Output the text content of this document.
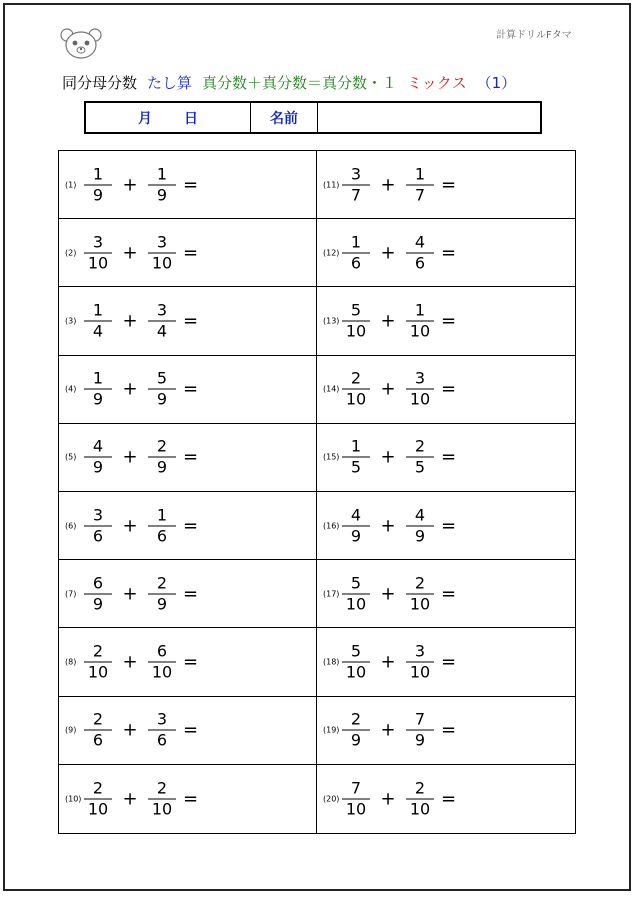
計算ドリルFタマ
同分母分数 たし算 真分数＋真分数＝真分数・１ ミックス （1）
月 日	名前
$(1) \frac{1}{9} + \frac{1}{9}$ =	$(11) \frac{3}{7} + \frac{1}{7}$ =
$(2) \frac{3}{10} + \frac{3}{10}$ =	$(12) \frac{1}{6} + \frac{4}{6}$ =
$(3) \frac{1}{4} + \frac{3}{4}$ =	$(13) \frac{5}{10} + \frac{1}{10}$ =
$(4) \frac{1}{9} + \frac{5}{9}$ =	$(14) \frac{2}{10} + \frac{3}{10}$ =
$(5) \frac{4}{9} + \frac{2}{9}$ =	$(15) \frac{1}{5} + \frac{2}{5}$ =
$(6) \frac{3}{6} + \frac{1}{6}$ =	$(16) \frac{4}{9} + \frac{4}{9}$ =
$(7) \frac{6}{9} + \frac{2}{9}$ =	$(17) \frac{5}{10} + \frac{2}{10}$ =
$(8) \frac{2}{10} + \frac{6}{10}$ =	$(18) \frac{5}{10} + \frac{3}{10}$ =
$(9) \frac{2}{6} + \frac{3}{6}$ =	$(19) \frac{2}{9} + \frac{7}{9}$ =
$(10) \frac{2}{10} + \frac{2}{10}$ =	$(20) \frac{7}{10} + \frac{2}{10}$ =
